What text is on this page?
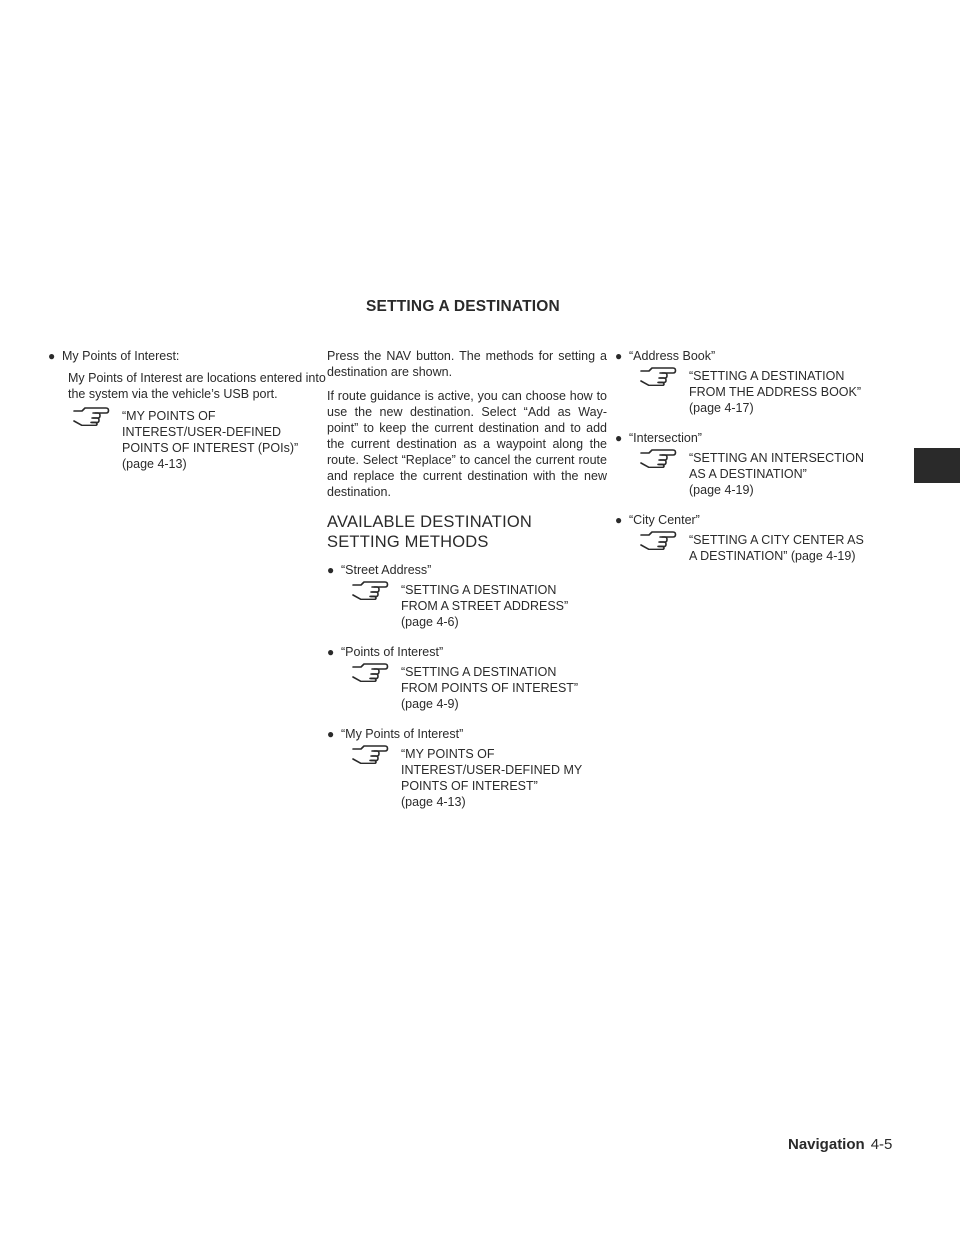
SETTING A DESTINATION
● My Points of Interest:

My Points of Interest are locations entered into the system via the vehicle’s USB port.

“MY POINTS OF
INTEREST/USER-DEFINED
POINTS OF INTEREST (POIs)”
(page 4-13)

Press the NAV button. The methods for setting a destination are shown.

If route guidance is active, you can choose how to use the new destination. Select “Add as Way-point” to keep the current destination and to add the current destination as a waypoint along the route. Select “Replace” to cancel the current route and replace the current destination with the new destination.

AVAILABLE DESTINATION SETTING METHODS
● “Street Address”
“SETTING A DESTINATION
FROM A STREET ADDRESS”
(page 4-6)
● “Points of Interest”
“SETTING A DESTINATION
FROM POINTS OF INTEREST”
(page 4-9)
● “My Points of Interest”
“MY POINTS OF
INTEREST/USER-DEFINED MY
POINTS OF INTEREST”
(page 4-13)
● “Address Book”
“SETTING A DESTINATION
FROM THE ADDRESS BOOK”
(page 4-17)
● “Intersection”
“SETTING AN INTERSECTION
AS A DESTINATION”
(page 4-19)
● “City Center”
“SETTING A CITY CENTER AS
A DESTINATION” (page 4-19)
Navigation 4-5
